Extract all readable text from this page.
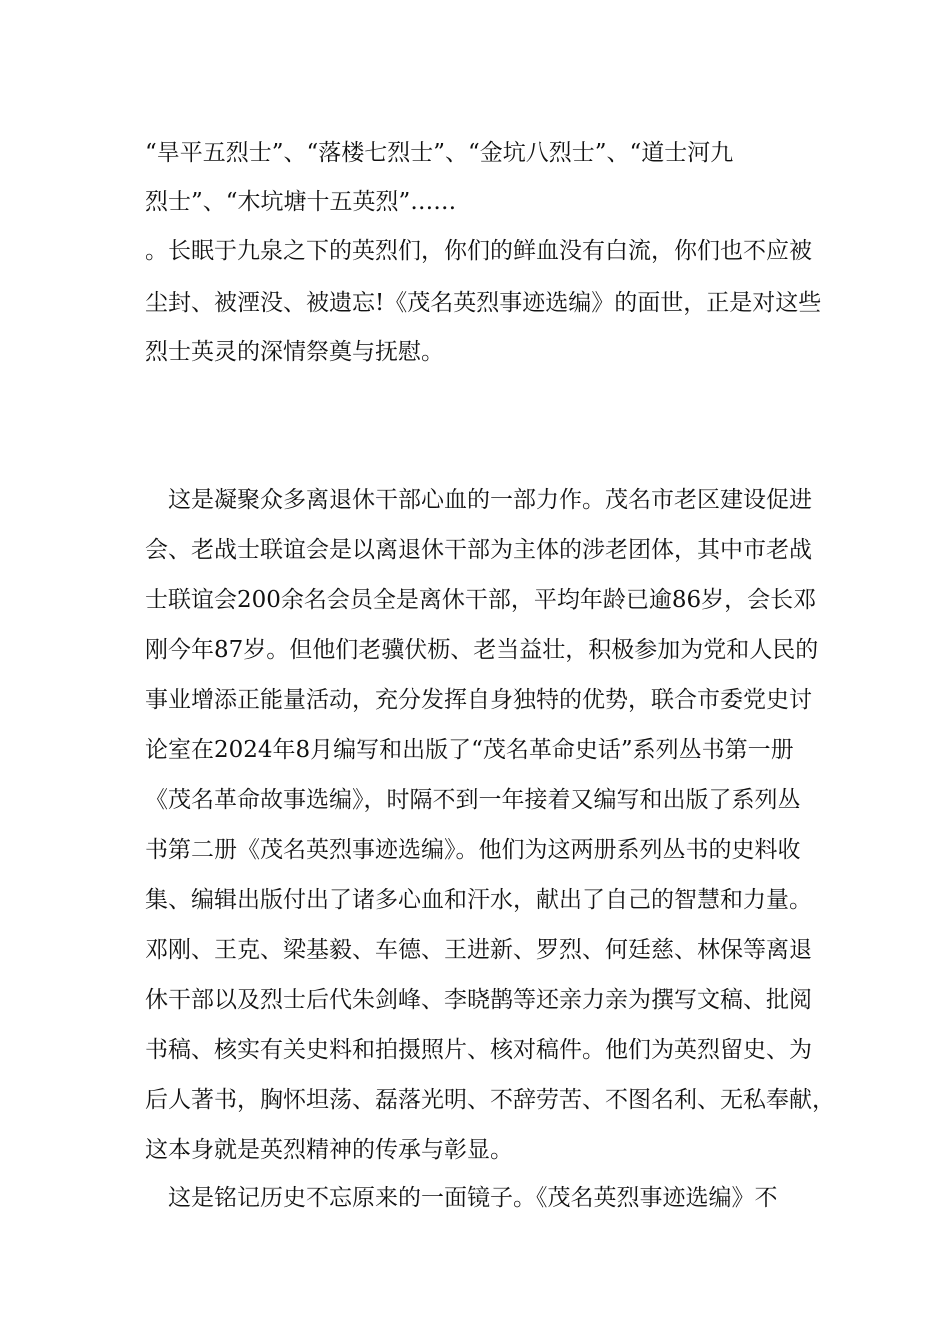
“旱平五烈士”、“落楼七烈士”、“金坑八烈士”、“道士河九
烈士”、“木坑塘十五英烈”……
。长眠于九泉之下的英烈们，你们的鲜血没有白流，你们也不应被
尘封、被湮没、被遗忘!《茂名英烈事迹选编》的面世，正是对这些
烈士英灵的深情祭奠与抚慰。
　这是凝聚众多离退休干部心血的一部力作。茂名市老区建设促进
会、老战士联谊会是以离退休干部为主体的涉老团体，其中市老战
士联谊会200余名会员全是离休干部，平均年龄已逾86岁，会长邓
刚今年87岁。但他们老骥伏枥、老当益壮，积极参加为党和人民的
事业增添正能量活动，充分发挥自身独特的优势，联合市委党史讨
论室在2024年8月编写和出版了“茂名革命史话”系列丛书第一册
《茂名革命故事选编》，时隔不到一年接着又编写和出版了系列丛
书第二册《茂名英烈事迹选编》。他们为这两册系列丛书的史料收
集、编辑出版付出了诸多心血和汗水，献出了自己的智慧和力量。
邓刚、王克、梁基毅、车德、王进新、罗烈、何廷慈、林保等离退
休干部以及烈士后代朱剑峰、李晓鹊等还亲力亲为撰写文稿、批阅
书稿、核实有关史料和拍摄照片、核对稿件。他们为英烈留史、为
后人著书，胸怀坦荡、磊落光明、不辞劳苦、不图名利、无私奉献，
这本身就是英烈精神的传承与彰显。
　这是铭记历史不忘原来的一面镜子。《茂名英烈事迹选编》不
